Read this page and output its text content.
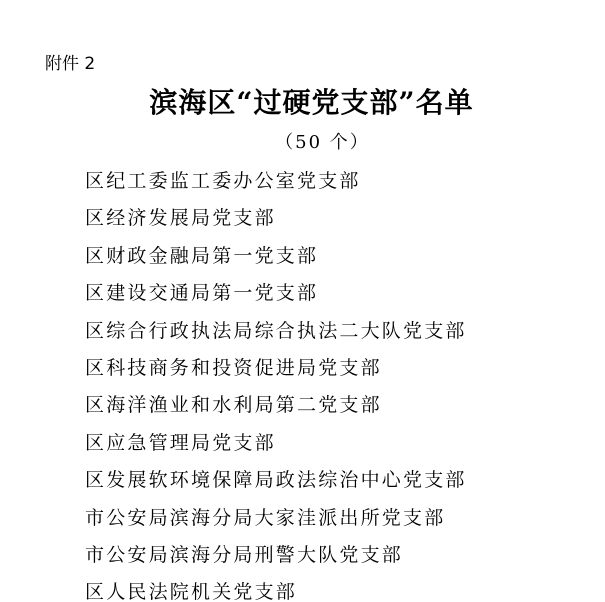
附件 2
滨海区“过硬党支部”名单
（50 个）
区纪工委监工委办公室党支部
区经济发展局党支部
区财政金融局第一党支部
区建设交通局第一党支部
区综合行政执法局综合执法二大队党支部
区科技商务和投资促进局党支部
区海洋渔业和水利局第二党支部
区应急管理局党支部
区发展软环境保障局政法综治中心党支部
市公安局滨海分局大家洼派出所党支部
市公安局滨海分局刑警大队党支部
区人民法院机关党支部
